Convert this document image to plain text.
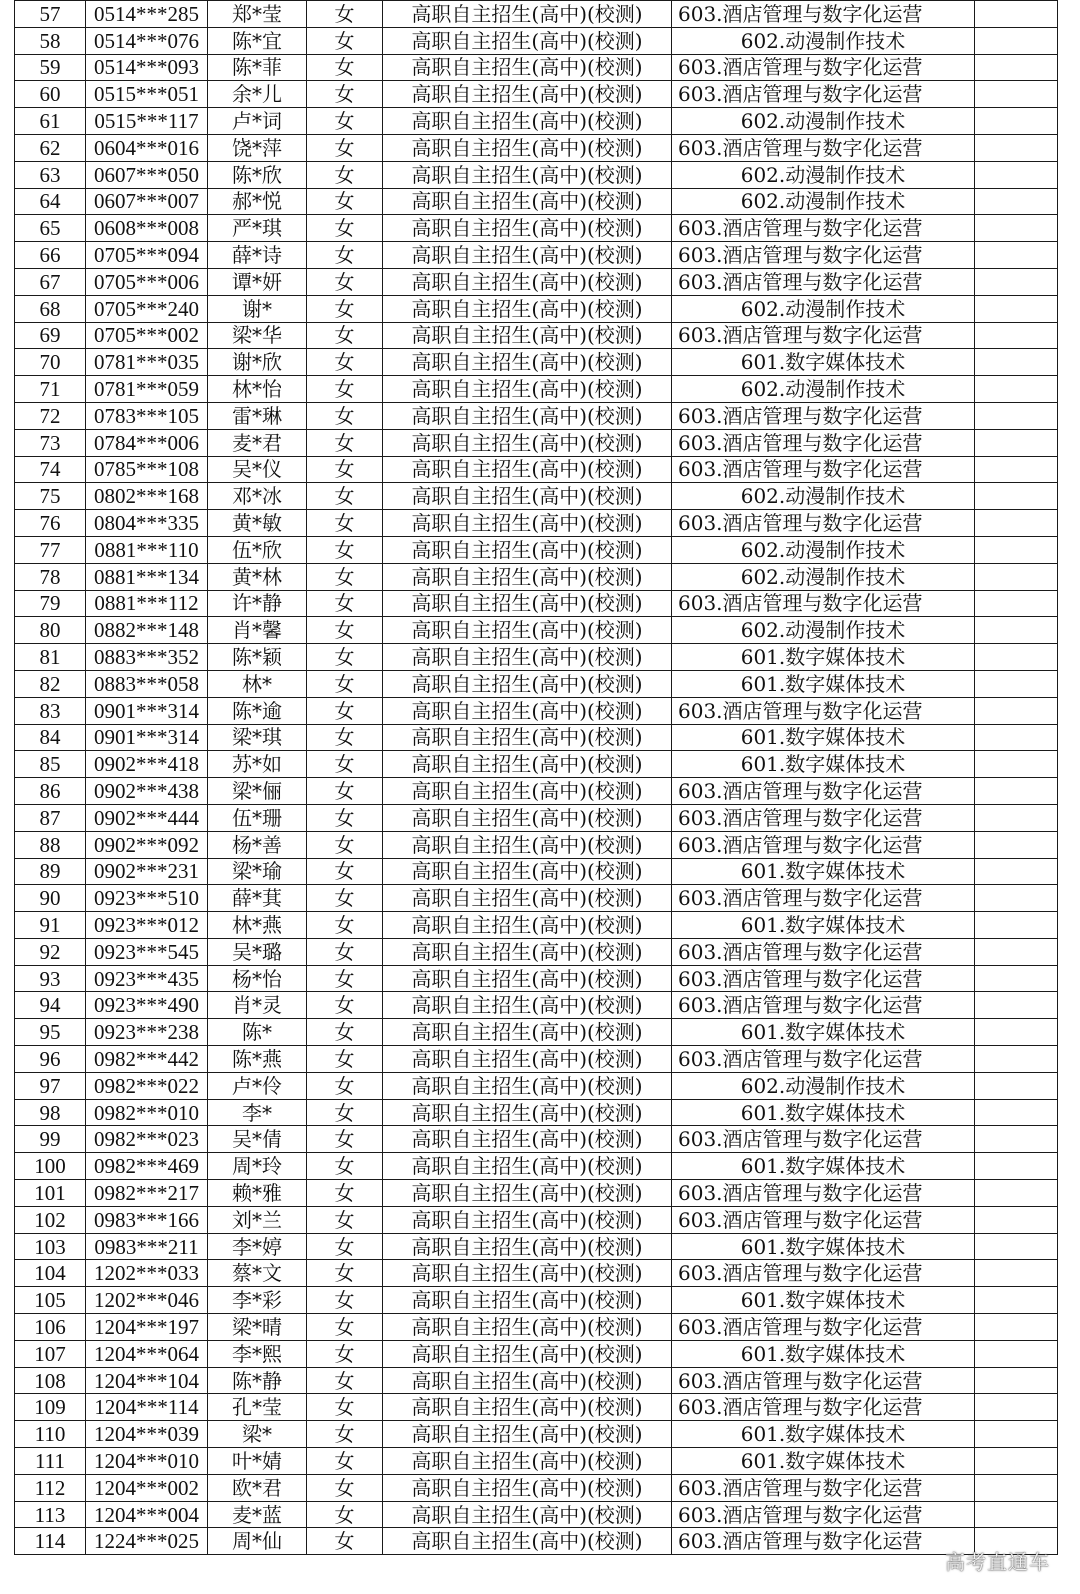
57	0514***285	郑*莹	女	高职自主招生(高中)(校测)	603.酒店管理与数字化运营	
58	0514***076	陈*宜	女	高职自主招生(高中)(校测)	602.动漫制作技术	
59	0514***093	陈*菲	女	高职自主招生(高中)(校测)	603.酒店管理与数字化运营	
60	0515***051	余*儿	女	高职自主招生(高中)(校测)	603.酒店管理与数字化运营	
61	0515***117	卢*词	女	高职自主招生(高中)(校测)	602.动漫制作技术	
62	0604***016	饶*萍	女	高职自主招生(高中)(校测)	603.酒店管理与数字化运营	
63	0607***050	陈*欣	女	高职自主招生(高中)(校测)	602.动漫制作技术	
64	0607***007	郝*悦	女	高职自主招生(高中)(校测)	602.动漫制作技术	
65	0608***008	严*琪	女	高职自主招生(高中)(校测)	603.酒店管理与数字化运营	
66	0705***094	薛*诗	女	高职自主招生(高中)(校测)	603.酒店管理与数字化运营	
67	0705***006	谭*妍	女	高职自主招生(高中)(校测)	603.酒店管理与数字化运营	
68	0705***240	谢*	女	高职自主招生(高中)(校测)	602.动漫制作技术	
69	0705***002	梁*华	女	高职自主招生(高中)(校测)	603.酒店管理与数字化运营	
70	0781***035	谢*欣	女	高职自主招生(高中)(校测)	601.数字媒体技术	
71	0781***059	林*怡	女	高职自主招生(高中)(校测)	602.动漫制作技术	
72	0783***105	雷*琳	女	高职自主招生(高中)(校测)	603.酒店管理与数字化运营	
73	0784***006	麦*君	女	高职自主招生(高中)(校测)	603.酒店管理与数字化运营	
74	0785***108	吴*仪	女	高职自主招生(高中)(校测)	603.酒店管理与数字化运营	
75	0802***168	邓*冰	女	高职自主招生(高中)(校测)	602.动漫制作技术	
76	0804***335	黄*敏	女	高职自主招生(高中)(校测)	603.酒店管理与数字化运营	
77	0881***110	伍*欣	女	高职自主招生(高中)(校测)	602.动漫制作技术	
78	0881***134	黄*林	女	高职自主招生(高中)(校测)	602.动漫制作技术	
79	0881***112	许*静	女	高职自主招生(高中)(校测)	603.酒店管理与数字化运营	
80	0882***148	肖*馨	女	高职自主招生(高中)(校测)	602.动漫制作技术	
81	0883***352	陈*颖	女	高职自主招生(高中)(校测)	601.数字媒体技术	
82	0883***058	林*	女	高职自主招生(高中)(校测)	601.数字媒体技术	
83	0901***314	陈*逾	女	高职自主招生(高中)(校测)	603.酒店管理与数字化运营	
84	0901***314	梁*琪	女	高职自主招生(高中)(校测)	601.数字媒体技术	
85	0902***418	苏*如	女	高职自主招生(高中)(校测)	601.数字媒体技术	
86	0902***438	梁*俪	女	高职自主招生(高中)(校测)	603.酒店管理与数字化运营	
87	0902***444	伍*珊	女	高职自主招生(高中)(校测)	603.酒店管理与数字化运营	
88	0902***092	杨*善	女	高职自主招生(高中)(校测)	603.酒店管理与数字化运营	
89	0902***231	梁*瑜	女	高职自主招生(高中)(校测)	601.数字媒体技术	
90	0923***510	薛*萁	女	高职自主招生(高中)(校测)	603.酒店管理与数字化运营	
91	0923***012	林*燕	女	高职自主招生(高中)(校测)	601.数字媒体技术	
92	0923***545	吴*璐	女	高职自主招生(高中)(校测)	603.酒店管理与数字化运营	
93	0923***435	杨*怡	女	高职自主招生(高中)(校测)	603.酒店管理与数字化运营	
94	0923***490	肖*灵	女	高职自主招生(高中)(校测)	603.酒店管理与数字化运营	
95	0923***238	陈*	女	高职自主招生(高中)(校测)	601.数字媒体技术	
96	0982***442	陈*燕	女	高职自主招生(高中)(校测)	603.酒店管理与数字化运营	
97	0982***022	卢*伶	女	高职自主招生(高中)(校测)	602.动漫制作技术	
98	0982***010	李*	女	高职自主招生(高中)(校测)	601.数字媒体技术	
99	0982***023	吴*倩	女	高职自主招生(高中)(校测)	603.酒店管理与数字化运营	
100	0982***469	周*玲	女	高职自主招生(高中)(校测)	601.数字媒体技术	
101	0982***217	赖*雅	女	高职自主招生(高中)(校测)	603.酒店管理与数字化运营	
102	0983***166	刘*兰	女	高职自主招生(高中)(校测)	603.酒店管理与数字化运营	
103	0983***211	李*婷	女	高职自主招生(高中)(校测)	601.数字媒体技术	
104	1202***033	蔡*文	女	高职自主招生(高中)(校测)	603.酒店管理与数字化运营	
105	1202***046	李*彩	女	高职自主招生(高中)(校测)	601.数字媒体技术	
106	1204***197	梁*晴	女	高职自主招生(高中)(校测)	603.酒店管理与数字化运营	
107	1204***064	李*熙	女	高职自主招生(高中)(校测)	601.数字媒体技术	
108	1204***104	陈*静	女	高职自主招生(高中)(校测)	603.酒店管理与数字化运营	
109	1204***114	孔*莹	女	高职自主招生(高中)(校测)	603.酒店管理与数字化运营	
110	1204***039	梁*	女	高职自主招生(高中)(校测)	601.数字媒体技术	
111	1204***010	叶*婧	女	高职自主招生(高中)(校测)	601.数字媒体技术	
112	1204***002	欧*君	女	高职自主招生(高中)(校测)	603.酒店管理与数字化运营	
113	1204***004	麦*蓝	女	高职自主招生(高中)(校测)	603.酒店管理与数字化运营	
114	1224***025	周*仙	女	高职自主招生(高中)(校测)	603.酒店管理与数字化运营	
高考直通车
